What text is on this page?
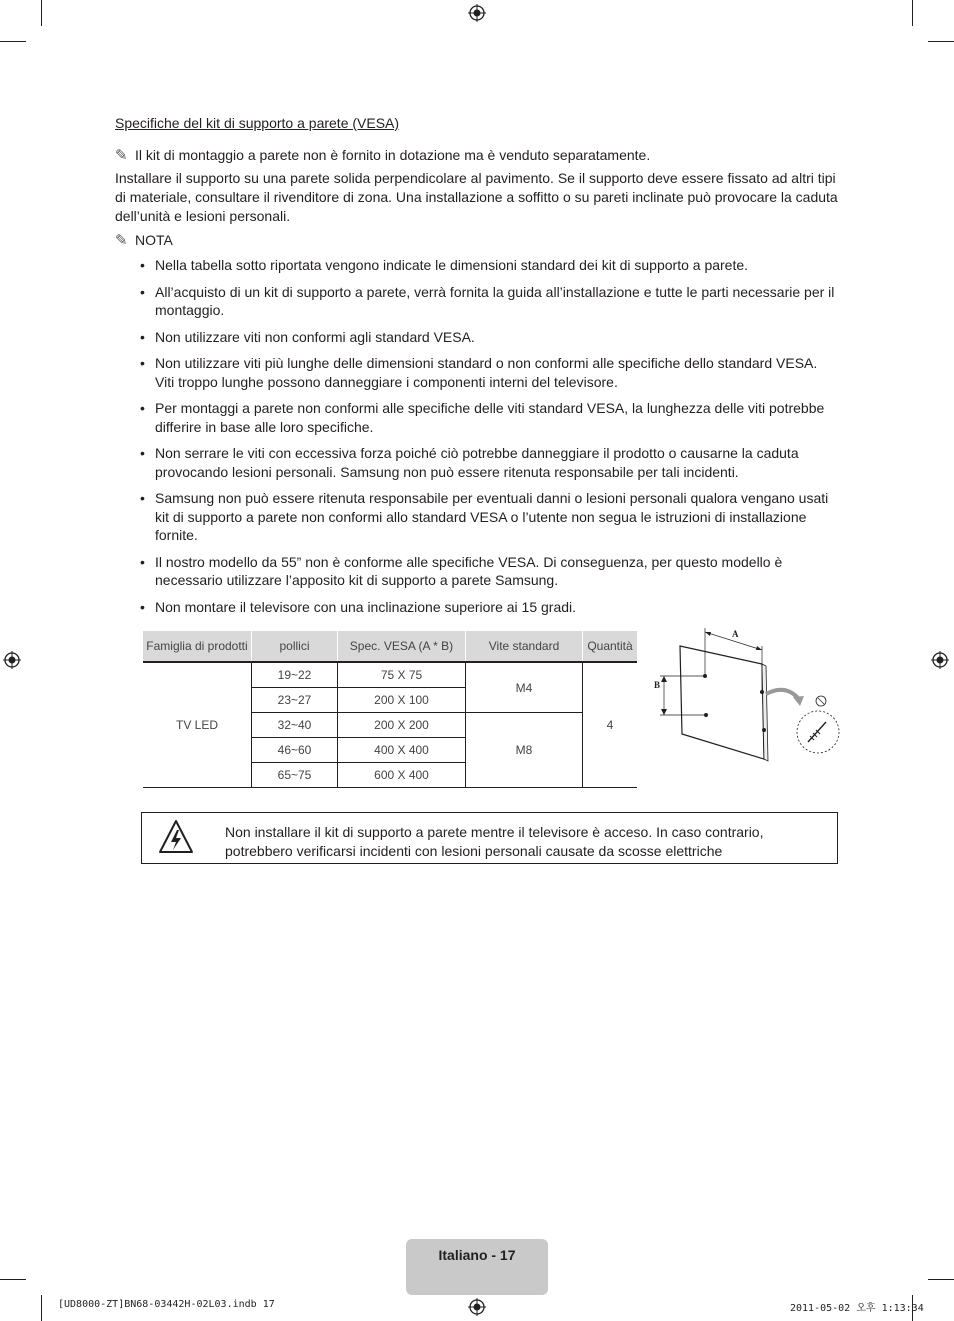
Specifiche del kit di supporto a parete (VESA)
✎ Il kit di montaggio a parete non è fornito in dotazione ma è venduto separatamente.
Installare il supporto su una parete solida perpendicolare al pavimento. Se il supporto deve essere fissato ad altri tipi di materiale, consultare il rivenditore di zona. Una installazione a soffitto o su pareti inclinate può provocare la caduta dell’unità e lesioni personali.
✎ NOTA
• Nella tabella sotto riportata vengono indicate le dimensioni standard dei kit di supporto a parete.
• All’acquisto di un kit di supporto a parete, verrà fornita la guida all’installazione e tutte le parti necessarie per il montaggio.
• Non utilizzare viti non conformi agli standard VESA.
• Non utilizzare viti più lunghe delle dimensioni standard o non conformi alle specifiche dello standard VESA. Viti troppo lunghe possono danneggiare i componenti interni del televisore.
• Per montaggi a parete non conformi alle specifiche delle viti standard VESA, la lunghezza delle viti potrebbe differire in base alle loro specifiche.
• Non serrare le viti con eccessiva forza poiché ciò potrebbe danneggiare il prodotto o causarne la caduta provocando lesioni personali. Samsung non può essere ritenuta responsabile per tali incidenti.
• Samsung non può essere ritenuta responsabile per eventuali danni o lesioni personali qualora vengano usati kit di supporto a parete non conformi allo standard VESA o l’utente non segua le istruzioni di installazione fornite.
• Il nostro modello da 55” non è conforme alle specifiche VESA. Di conseguenza, per questo modello è necessario utilizzare l’apposito kit di supporto a parete Samsung.
• Non montare il televisore con una inclinazione superiore ai 15 gradi.
Famiglia di prodotti	pollici	Spec. VESA (A * B)	Vite standard	Quantità
TV LED	19~22	75 X 75	M4	4
	23~27	200 X 100		
	32~40	200 X 200	M8	
	46~60	400 X 400		
	65~75	600 X 400		
A
B
Non installare il kit di supporto a parete mentre il televisore è acceso. In caso contrario, potrebbero verificarsi incidenti con lesioni personali causate da scosse elettriche
Italiano - 17
[UD8000-ZT]BN68-03442H-02L03.indb 17	2011-05-02 오후 1:13:34
